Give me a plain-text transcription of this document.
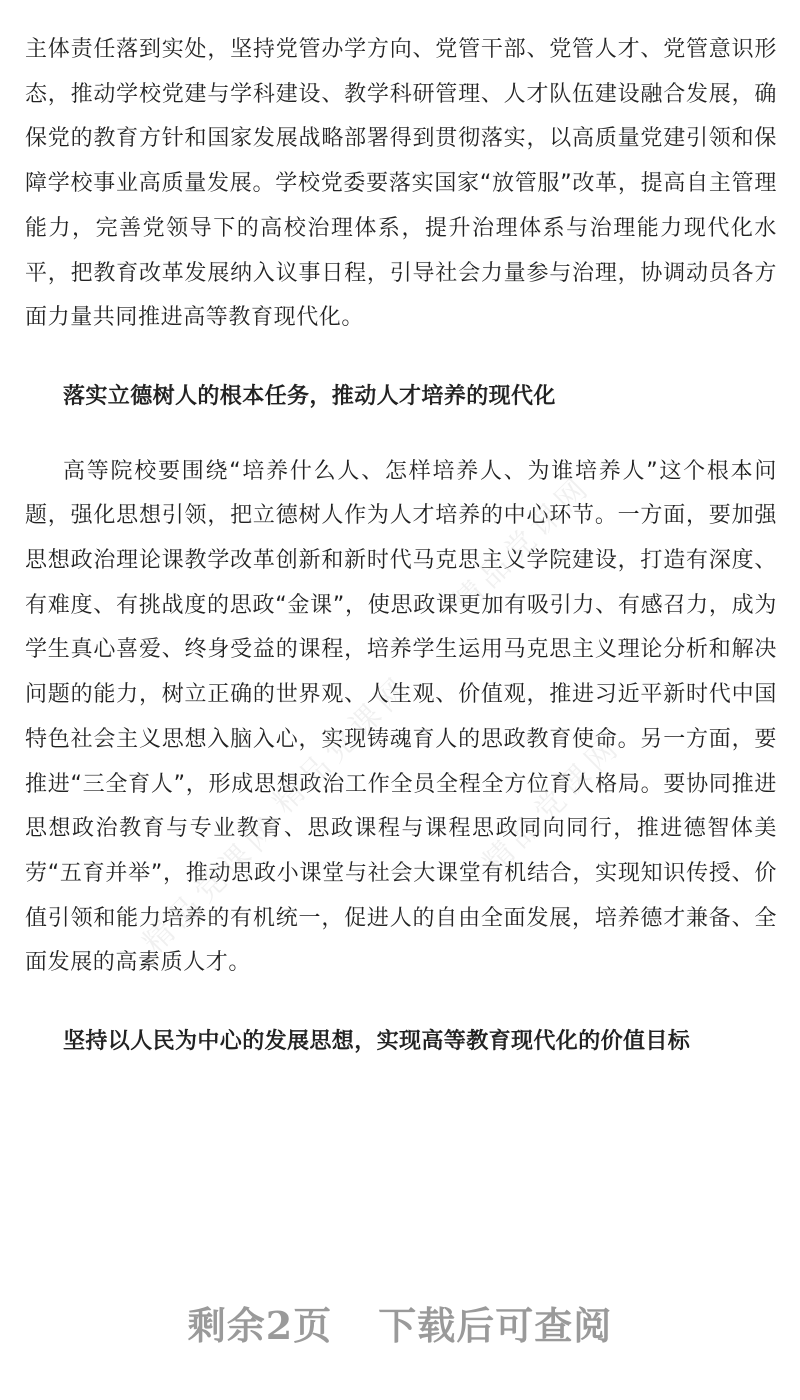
主体责任落到实处，坚持党管办学方向、党管干部、党管人才、党管意识形态，推动学校党建与学科建设、教学科研管理、人才队伍建设融合发展，确保党的教育方针和国家发展战略部署得到贯彻落实，以高质量党建引领和保障学校事业高质量发展。学校党委要落实国家“放管服”改革，提高自主管理能力，完善党领导下的高校治理体系，提升治理体系与治理能力现代化水平，把教育改革发展纳入议事日程，引导社会力量参与治理，协调动员各方面力量共同推进高等教育现代化。

落实立德树人的根本任务，推动人才培养的现代化

高等院校要围绕“培养什么人、怎样培养人、为谁培养人”这个根本问题，强化思想引领，把立德树人作为人才培养的中心环节。一方面，要加强思想政治理论课教学改革创新和新时代马克思主义学院建设，打造有深度、有难度、有挑战度的思政“金课”，使思政课更加有吸引力、有感召力，成为学生真心喜爱、终身受益的课程，培养学生运用马克思主义理论分析和解决问题的能力，树立正确的世界观、人生观、价值观，推进习近平新时代中国特色社会主义思想入脑入心，实现铸魂育人的思政教育使命。另一方面，要推进“三全育人”，形成思想政治工作全员全程全方位育人格局。要协同推进思想政治教育与专业教育、思政课程与课程思政同向同行，推进德智体美劳“五育并举”，推动思政小课堂与社会大课堂有机结合，实现知识传授、价值引领和能力培养的有机统一，促进人的自由全面发展，培养德才兼备、全面发展的高素质人才。

坚持以人民为中心的发展思想，实现高等教育现代化的价值目标

精品党课网
精品党课网 精品党课网
精品党课网
剩余2页 下载后可查阅
